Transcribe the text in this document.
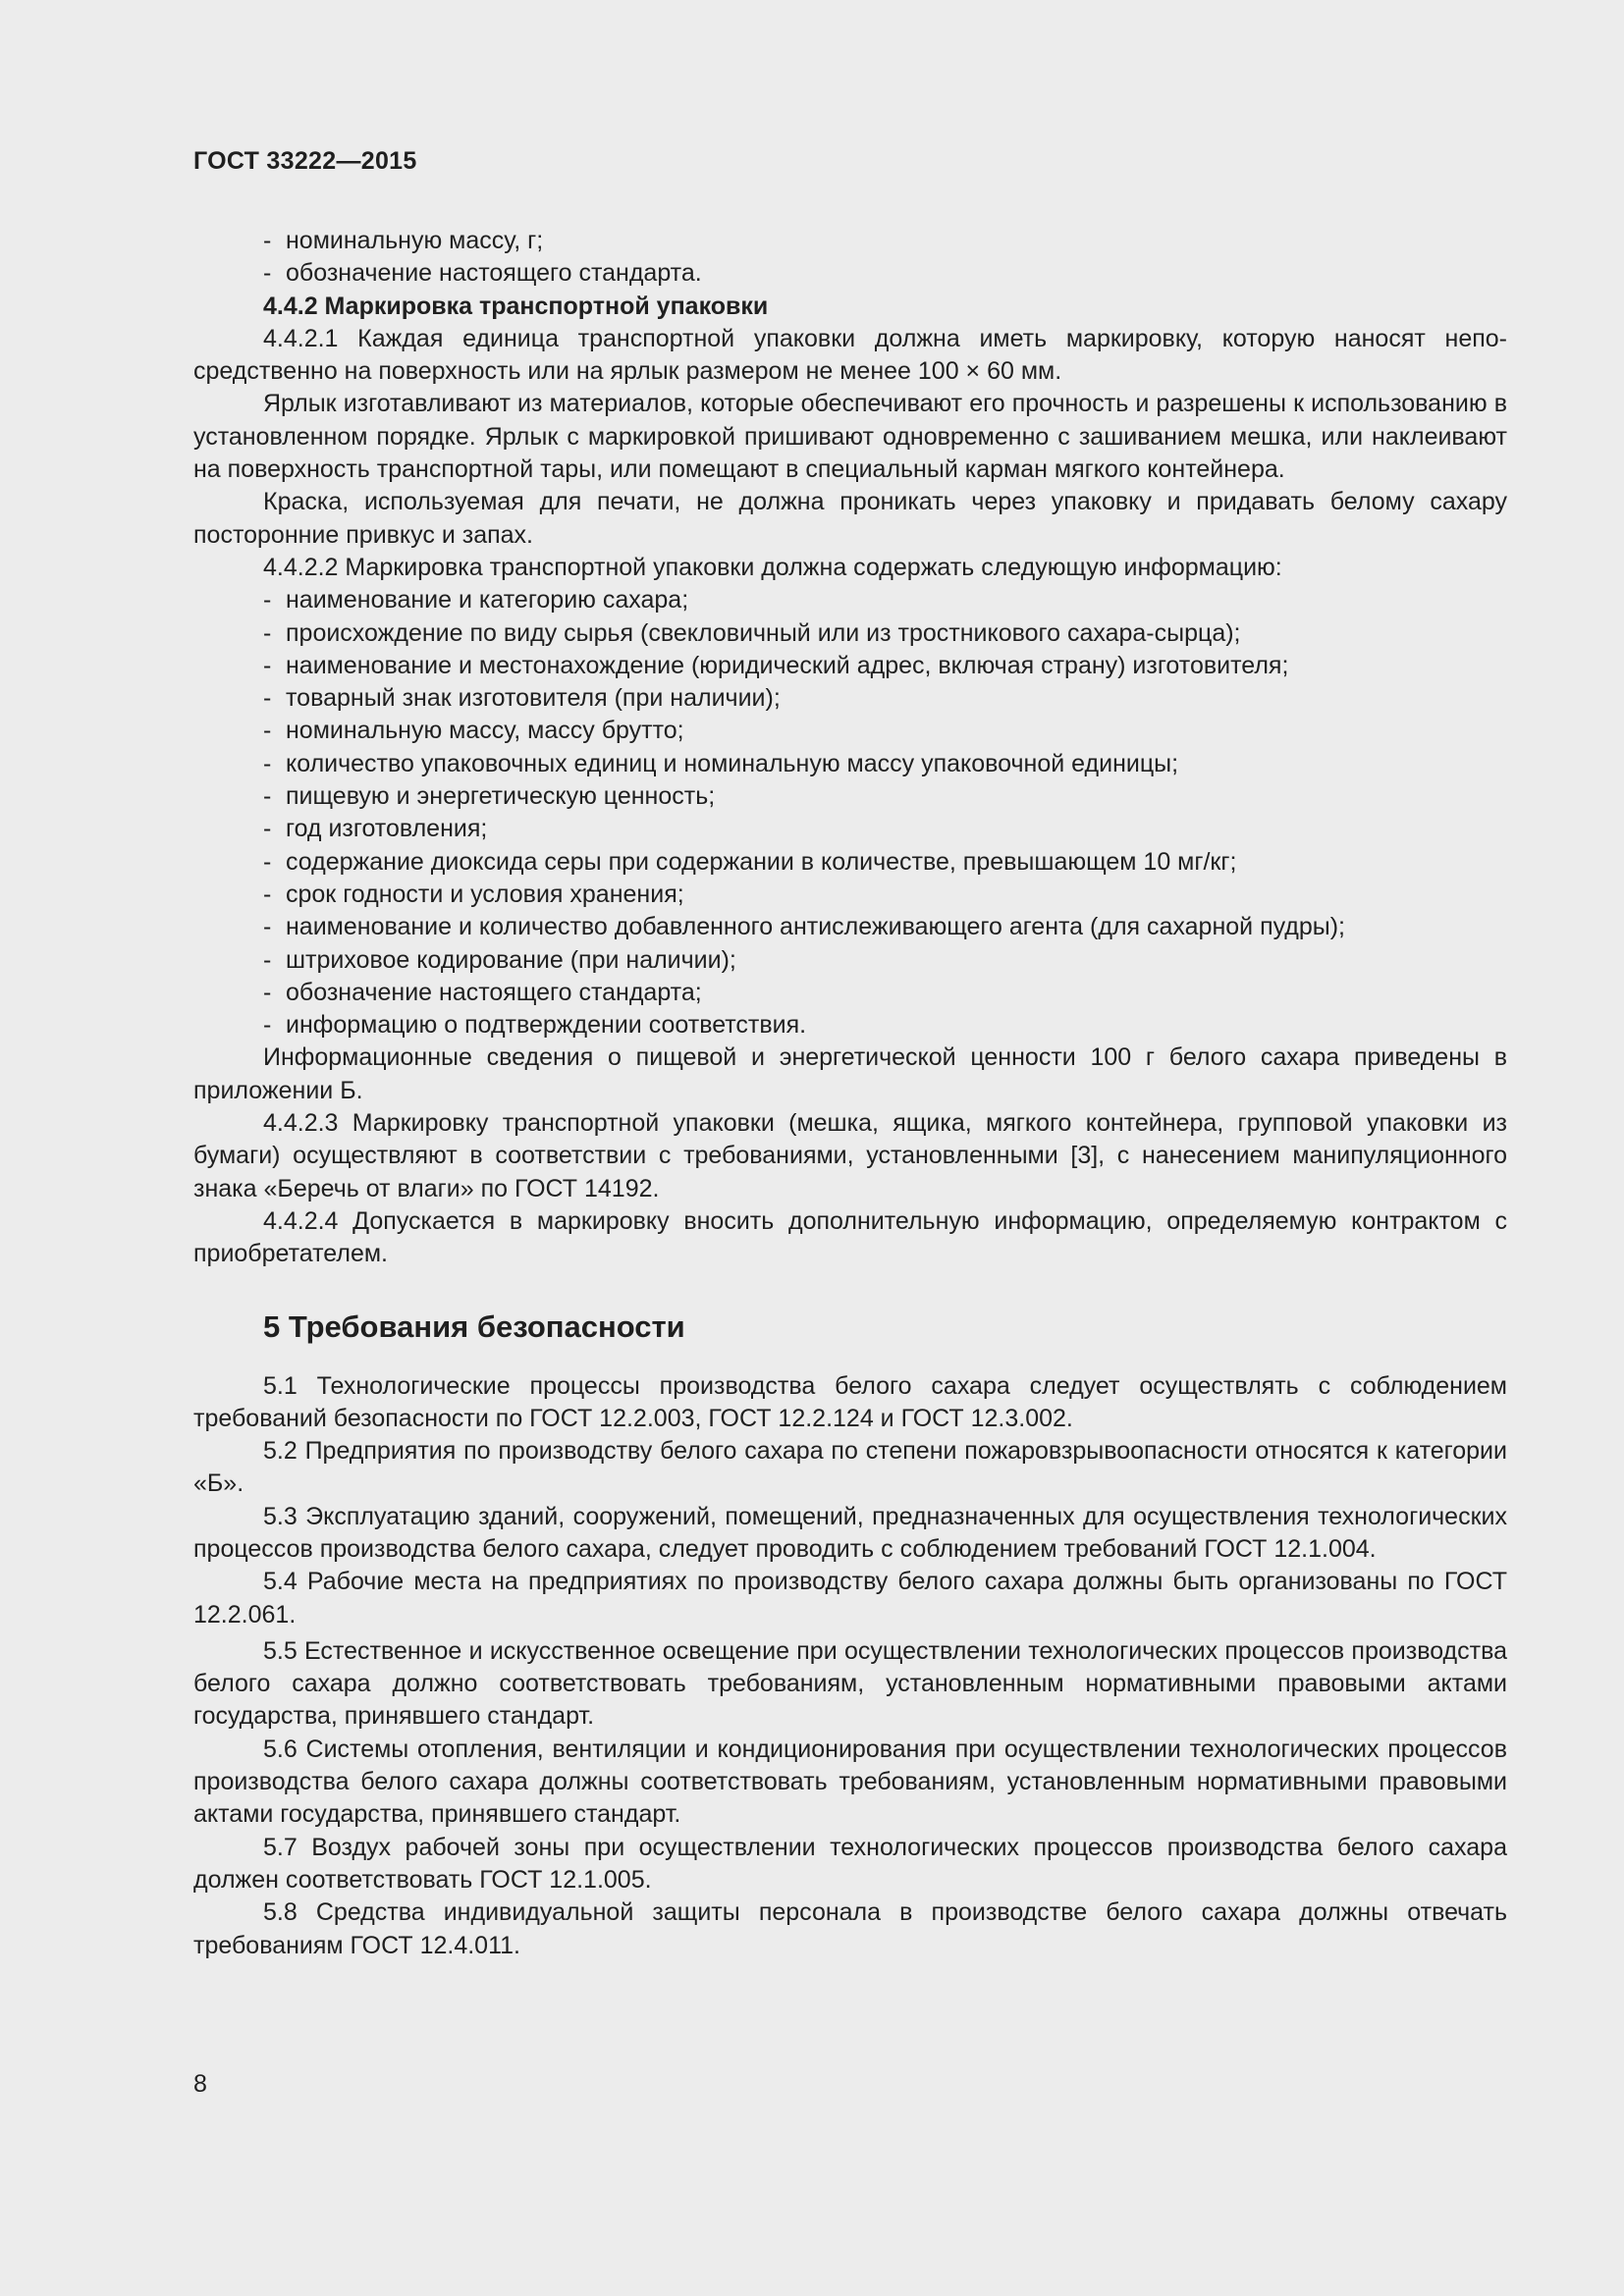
ГОСТ 33222—2015

- номинальную массу, г;

- обозначение настоящего стандарта.

4.4.2 Маркировка транспортной упаковки

4.4.2.1 Каждая единица транспортной упаковки должна иметь маркировку, которую наносят непосредственно на поверхность или на ярлык размером не менее 100 × 60 мм.

Ярлык изготавливают из материалов, которые обеспечивают его прочность и разрешены к использованию в установленном порядке. Ярлык с маркировкой пришивают одновременно с зашиванием мешка, или наклеивают на поверхность транспортной тары, или помещают в специальный карман мягкого контейнера.

Краска, используемая для печати, не должна проникать через упаковку и придавать белому сахару посторонние привкус и запах.

4.4.2.2 Маркировка транспортной упаковки должна содержать следующую информацию:

- наименование и категорию сахара;

- происхождение по виду сырья (свекловичный или из тростникового сахара-сырца);

- наименование и местонахождение (юридический адрес, включая страну) изготовителя;

- товарный знак изготовителя (при наличии);

- номинальную массу, массу брутто;

- количество упаковочных единиц и номинальную массу упаковочной единицы;

- пищевую и энергетическую ценность;

- год изготовления;

- содержание диоксида серы при содержании в количестве, превышающем 10 мг/кг;

- срок годности и условия хранения;

- наименование и количество добавленного антислеживающего агента (для сахарной пудры);

- штриховое кодирование (при наличии);

- обозначение настоящего стандарта;

- информацию о подтверждении соответствия.

Информационные сведения о пищевой и энергетической ценности 100 г белого сахара приведены в приложении Б.

4.4.2.3 Маркировку транспортной упаковки (мешка, ящика, мягкого контейнера, групповой упаковки из бумаги) осуществляют в соответствии с требованиями, установленными [3], с нанесением манипуляционного знака «Беречь от влаги» по ГОСТ 14192.

4.4.2.4 Допускается в маркировку вносить дополнительную информацию, определяемую контрактом с приобретателем.

5 Требования безопасности

5.1 Технологические процессы производства белого сахара следует осуществлять с соблюдением требований безопасности по ГОСТ 12.2.003, ГОСТ 12.2.124 и ГОСТ 12.3.002.

5.2 Предприятия по производству белого сахара по степени пожаровзрывоопасности относятся к категории «Б».

5.3 Эксплуатацию зданий, сооружений, помещений, предназначенных для осуществления технологических процессов производства белого сахара, следует проводить с соблюдением требований ГОСТ 12.1.004.

5.4 Рабочие места на предприятиях по производству белого сахара должны быть организованы по ГОСТ 12.2.061.

5.5 Естественное и искусственное освещение при осуществлении технологических процессов производства белого сахара должно соответствовать требованиям, установленным нормативными правовыми актами государства, принявшего стандарт.

5.6 Системы отопления, вентиляции и кондиционирования при осуществлении технологических процессов производства белого сахара должны соответствовать требованиям, установленным нормативными правовыми актами государства, принявшего стандарт.

5.7 Воздух рабочей зоны при осуществлении технологических процессов производства белого сахара должен соответствовать ГОСТ 12.1.005.

5.8 Средства индивидуальной защиты персонала в производстве белого сахара должны отвечать требованиям ГОСТ 12.4.011.

8
